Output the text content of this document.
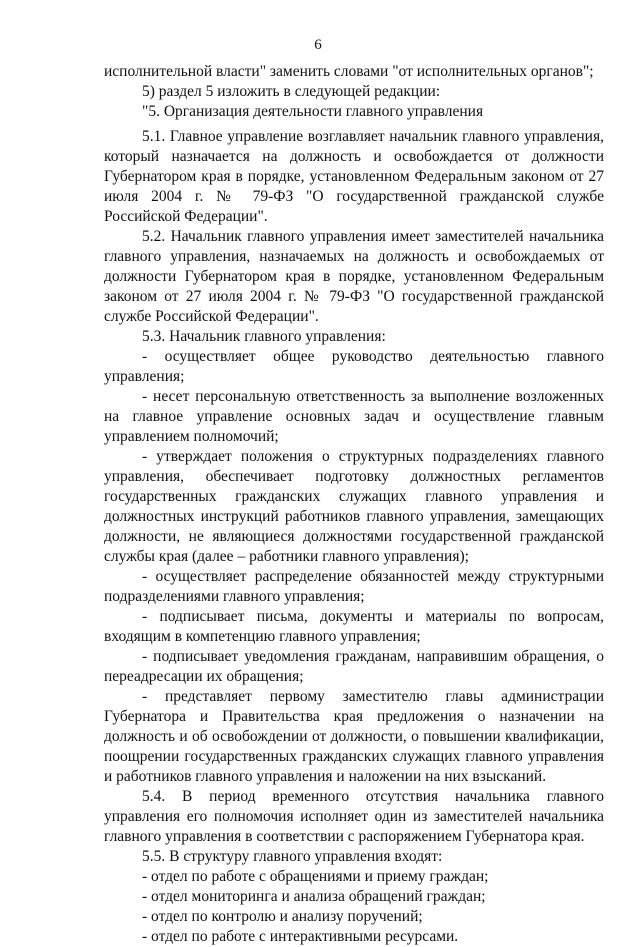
6

исполнительной власти" заменить словами "от исполнительных органов";

5) раздел 5 изложить в следующей редакции:

"5. Организация деятельности главного управления

5.1. Главное управление возглавляет начальник главного управления, который назначается на должность и освобождается от должности Губернатором края в порядке, установленном Федеральным законом от 27 июля 2004 г. № 79-ФЗ "О государственной гражданской службе Российской Федерации".

5.2. Начальник главного управления имеет заместителей начальника главного управления, назначаемых на должность и освобождаемых от должности Губернатором края в порядке, установленном Федеральным законом от 27 июля 2004 г. № 79-ФЗ "О государственной гражданской службе Российской Федерации".

5.3. Начальник главного управления:

- осуществляет общее руководство деятельностью главного управления;

- несет персональную ответственность за выполнение возложенных на главное управление основных задач и осуществление главным управлением полномочий;

- утверждает положения о структурных подразделениях главного управления, обеспечивает подготовку должностных регламентов государственных гражданских служащих главного управления и должностных инструкций работников главного управления, замещающих должности, не являющиеся должностями государственной гражданской службы края (далее – работники главного управления);

- осуществляет распределение обязанностей между структурными подразделениями главного управления;

- подписывает письма, документы и материалы по вопросам, входящим в компетенцию главного управления;

- подписывает уведомления гражданам, направившим обращения, о переадресации их обращения;

- представляет первому заместителю главы администрации Губернатора и Правительства края предложения о назначении на должность и об освобождении от должности, о повышении квалификации, поощрении государственных гражданских служащих главного управления и работников главного управления и наложении на них взысканий.

5.4. В период временного отсутствия начальника главного управления его полномочия исполняет один из заместителей начальника главного управления в соответствии с распоряжением Губернатора края.

5.5. В структуру главного управления входят:

- отдел по работе с обращениями и приему граждан;

- отдел мониторинга и анализа обращений граждан;

- отдел по контролю и анализу поручений;

- отдел по работе с интерактивными ресурсами.
